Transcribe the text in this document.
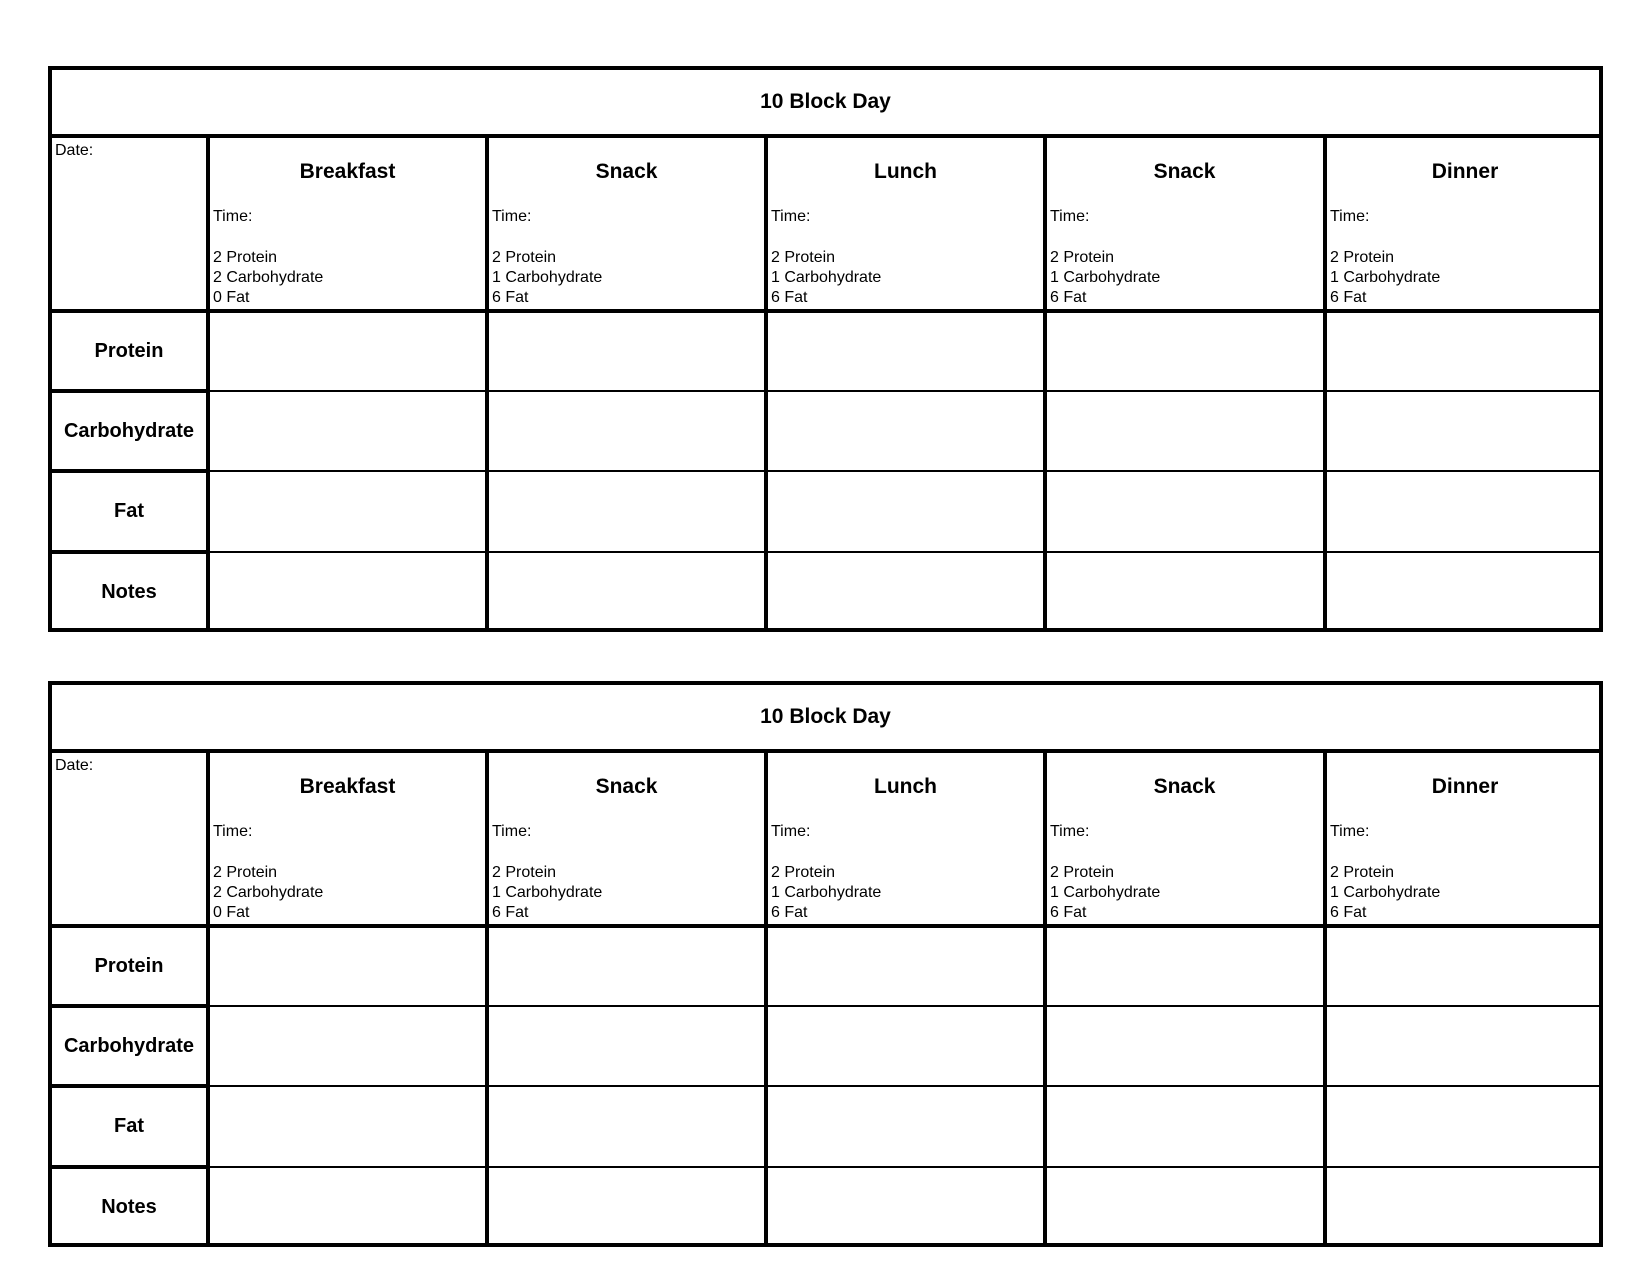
10 Block Day
Date:
Breakfast
Time:
2 Protein
2 Carbohydrate
0 Fat
Snack
Time:
2 Protein
1 Carbohydrate
6 Fat
Lunch
Time:
2 Protein
1 Carbohydrate
6 Fat
Snack
Time:
2 Protein
1 Carbohydrate
6 Fat
Dinner
Time:
2 Protein
1 Carbohydrate
6 Fat
Protein
Carbohydrate
Fat
Notes
10 Block Day
Date:
Breakfast
Time:
2 Protein
2 Carbohydrate
0 Fat
Snack
Time:
2 Protein
1 Carbohydrate
6 Fat
Lunch
Time:
2 Protein
1 Carbohydrate
6 Fat
Snack
Time:
2 Protein
1 Carbohydrate
6 Fat
Dinner
Time:
2 Protein
1 Carbohydrate
6 Fat
Protein
Carbohydrate
Fat
Notes
